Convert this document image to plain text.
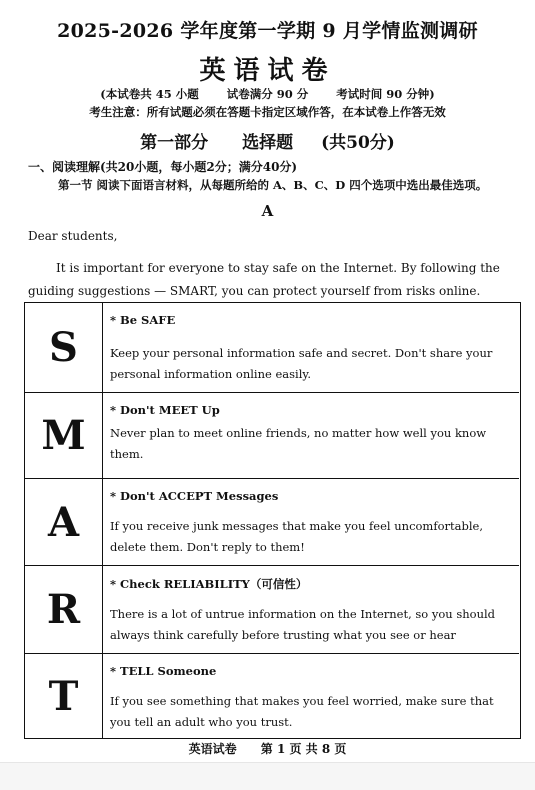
2025-2026 学年度第一学期 9 月学情监测调研
英语试卷
(本试卷共 45 小题 试卷满分 90 分 考试时间 90 分钟)
考生注意：所有试题必须在答题卡指定区域作答，在本试卷上作答无效
第一部分 选择题 (共50分)
一、阅读理解(共20小题，每小题2分；满分40分)
第一节 阅读下面语言材料，从每题所给的 A、B、C、D 四个选项中选出最佳选项。
A
Dear students,
It is important for everyone to stay safe on the Internet. By following the guiding suggestions — SMART, you can protect yourself from risks online.
S
* Be SAFE
Keep your personal information safe and secret. Don't share your personal information online easily.
M
* Don't MEET Up
Never plan to meet online friends, no matter how well you know them.
A
* Don't ACCEPT Messages
If you receive junk messages that make you feel uncomfortable, delete them. Don't reply to them!
R
* Check RELIABILITY（可信性）
There is a lot of untrue information on the Internet, so you should always think carefully before trusting what you see or hear
T
* TELL Someone
If you see something that makes you feel worried, make sure that you tell an adult who you trust.
英语试卷 第 1 页 共 8 页
